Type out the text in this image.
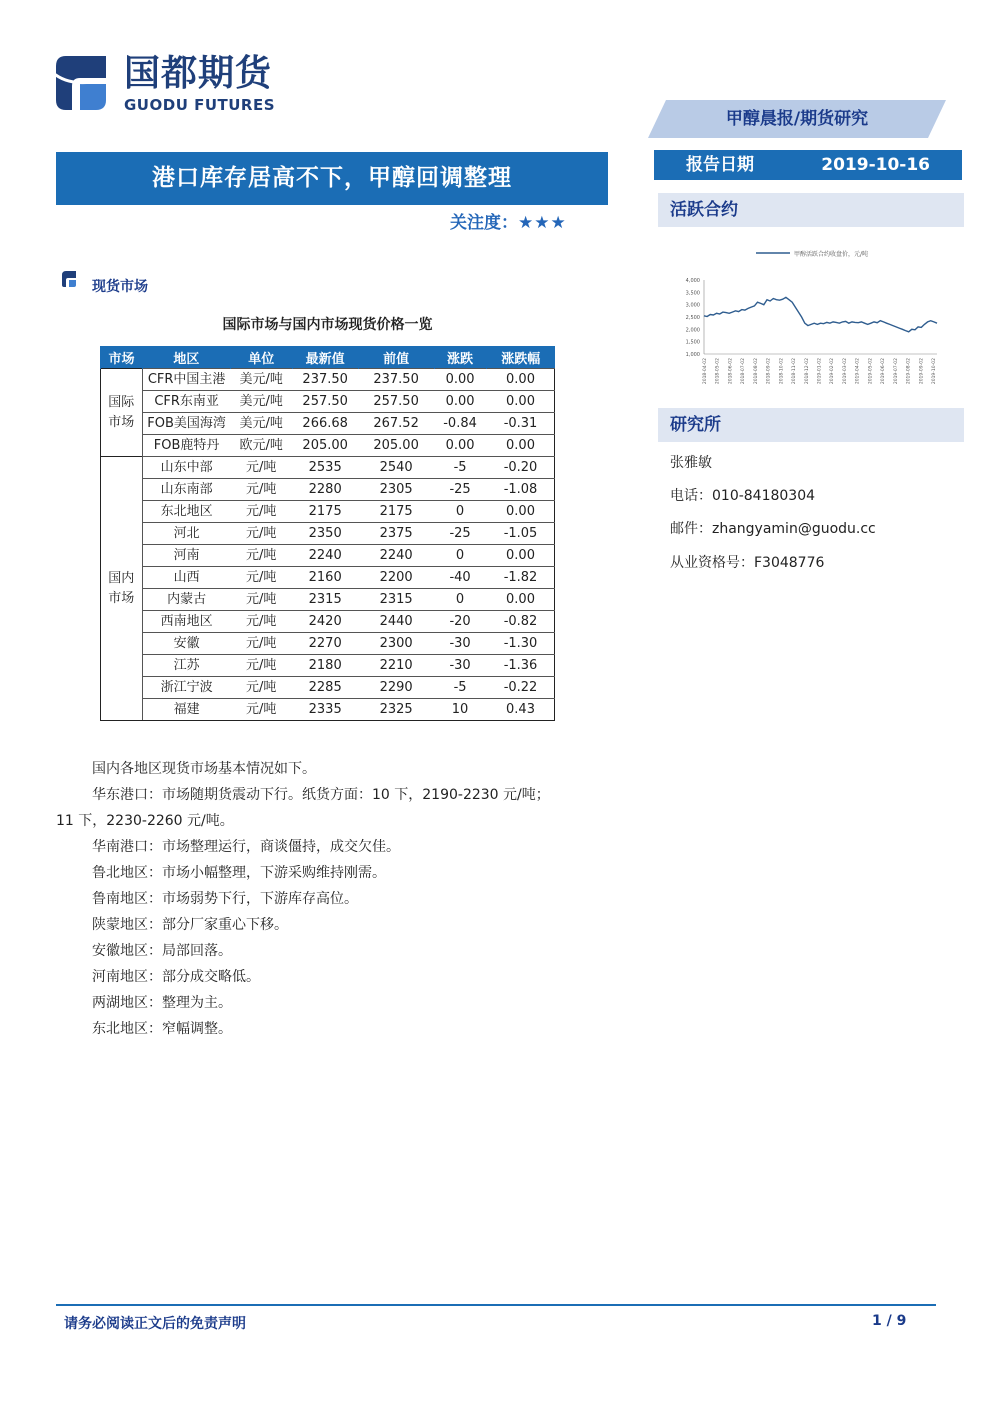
国都期货
GUODU FUTURES
甲醇晨报/期货研究
港口库存居高不下，甲醇回调整理
关注度：★★★
报告日期	2019-10-16
活跃合约
甲醇活跃合约收盘价，元/吨
4,000
3,500
3,000
2,500
2,000
1,500
1,000
2018-04-02 2018-05-02 2018-06-02 2018-07-02 2018-08-02 2018-09-02 2018-10-02 2018-11-02 2018-12-02 2019-01-02 2019-02-02 2019-03-02 2019-04-02 2019-05-02 2019-06-02 2019-07-02 2019-08-02 2019-09-02 2019-10-02
研究所
张雅敏
电话：010-84180304
邮件：zhangyamin@guodu.cc
从业资格号：F3048776
现货市场
国际市场与国内市场现货价格一览
市场	地区	单位	最新值	前值	涨跌	涨跌幅
国际
市场	CFR中国主港	美元/吨	237.50	237.50	0.00	0.00
	CFR东南亚	美元/吨	257.50	257.50	0.00	0.00
	FOB美国海湾	美元/吨	266.68	267.52	-0.84	-0.31
	FOB鹿特丹	欧元/吨	205.00	205.00	0.00	0.00
国内
市场	山东中部	元/吨	2535	2540	-5	-0.20
	山东南部	元/吨	2280	2305	-25	-1.08
	东北地区	元/吨	2175	2175	0	0.00
	河北	元/吨	2350	2375	-25	-1.05
	河南	元/吨	2240	2240	0	0.00
	山西	元/吨	2160	2200	-40	-1.82
	内蒙古	元/吨	2315	2315	0	0.00
	西南地区	元/吨	2420	2440	-20	-0.82
	安徽	元/吨	2270	2300	-30	-1.30
	江苏	元/吨	2180	2210	-30	-1.36
	浙江宁波	元/吨	2285	2290	-5	-0.22
	福建	元/吨	2335	2325	10	0.43
国内各地区现货市场基本情况如下。
华东港口：市场随期货震动下行。纸货方面：10 下，2190-2230 元/吨；
11 下，2230-2260 元/吨。
华南港口：市场整理运行，商谈僵持，成交欠佳。
鲁北地区：市场小幅整理，下游采购维持刚需。
鲁南地区：市场弱势下行，下游库存高位。
陕蒙地区：部分厂家重心下移。
安徽地区：局部回落。
河南地区：部分成交略低。
两湖地区：整理为主。
东北地区：窄幅调整。
请务必阅读正文后的免责声明	1 / 9
